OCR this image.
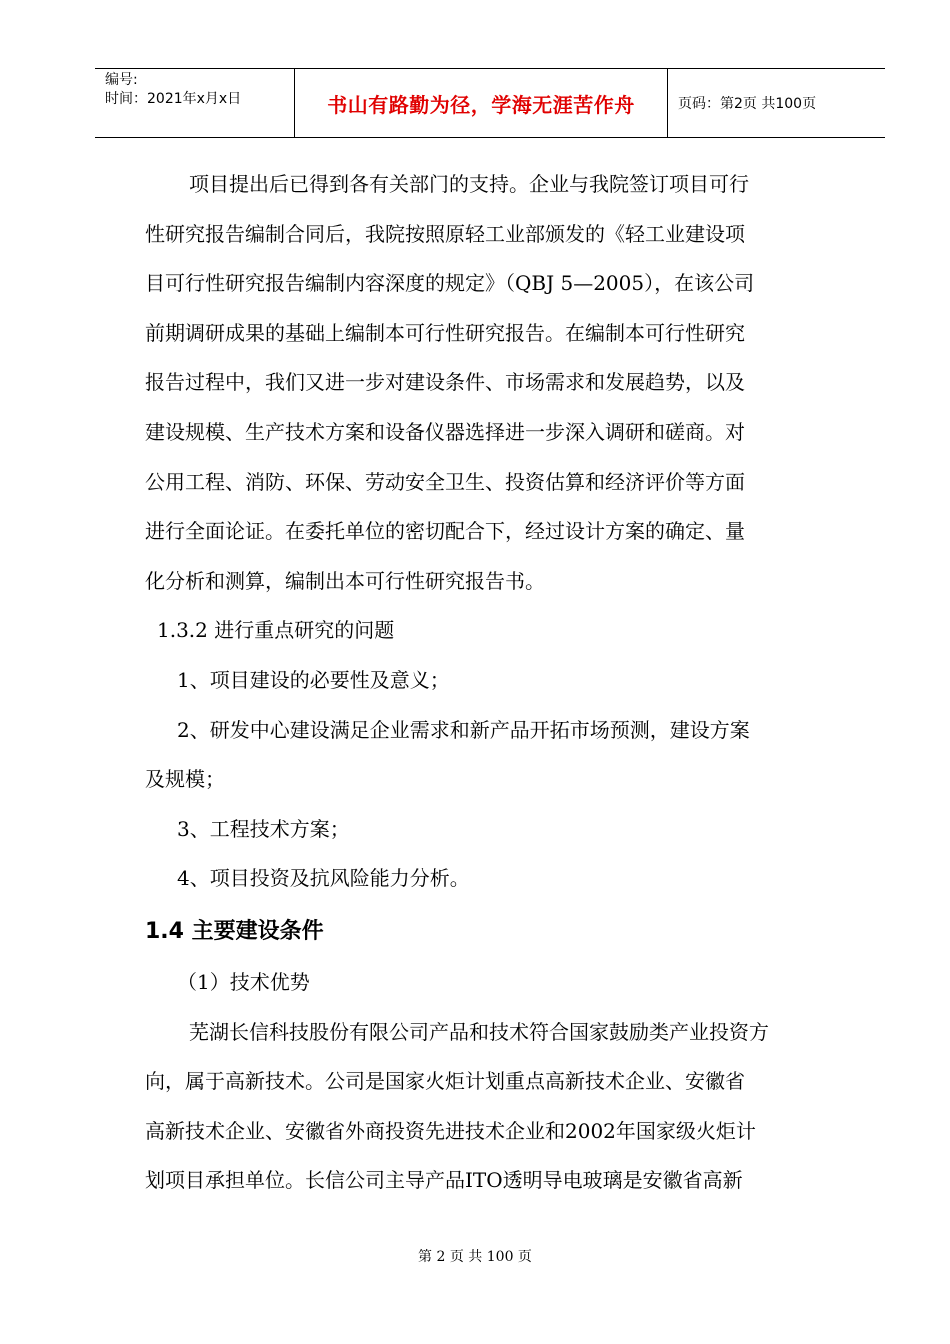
编号:
时间：2021年x月x日	书山有路勤为径，学海无涯苦作舟	页码：第2页 共100页

项目提出后已得到各有关部门的支持。企业与我院签订项目可行
性研究报告编制合同后，我院按照原轻工业部颁发的《轻工业建设项
目可行性研究报告编制内容深度的规定》（QBJ 5—2005），在该公司
前期调研成果的基础上编制本可行性研究报告。在编制本可行性研究
报告过程中，我们又进一步对建设条件、市场需求和发展趋势，以及
建设规模、生产技术方案和设备仪器选择进一步深入调研和磋商。对
公用工程、消防、环保、劳动安全卫生、投资估算和经济评价等方面
进行全面论证。在委托单位的密切配合下，经过设计方案的确定、量
化分析和测算，编制出本可行性研究报告书。

1.3.2 进行重点研究的问题

1、项目建设的必要性及意义；

2、研发中心建设满足企业需求和新产品开拓市场预测，建设方案
及规模；

3、工程技术方案；

4、项目投资及抗风险能力分析。

1.4 主要建设条件

（1）技术优势

芜湖长信科技股份有限公司产品和技术符合国家鼓励类产业投资方
向，属于高新技术。公司是国家火炬计划重点高新技术企业、安徽省
高新技术企业、安徽省外商投资先进技术企业和2002年国家级火炬计
划项目承担单位。长信公司主导产品ITO透明导电玻璃是安徽省高新

第 2 页 共 100 页
